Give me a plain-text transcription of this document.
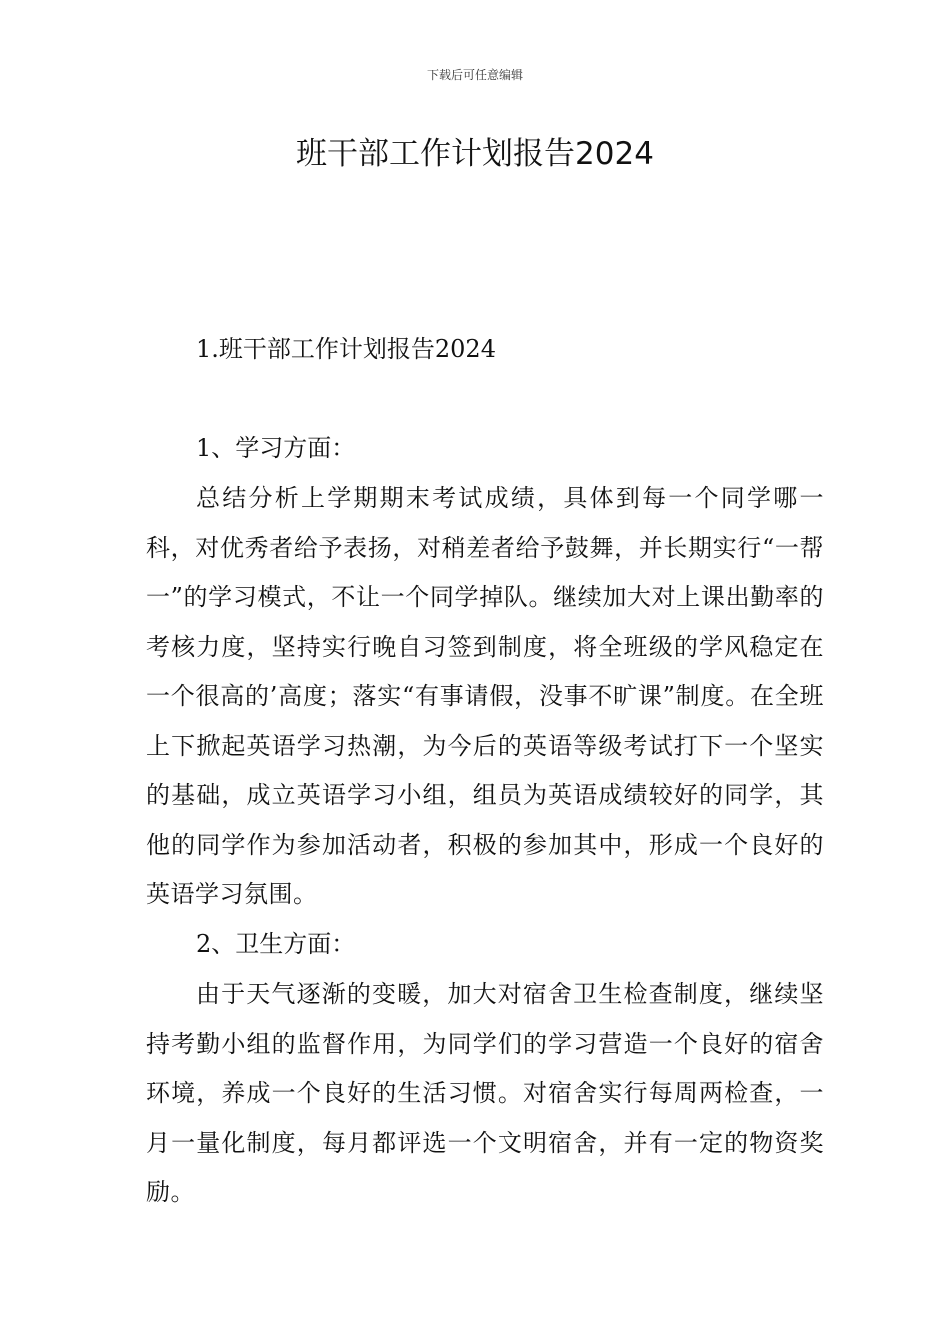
下载后可任意编辑
班干部工作计划报告2024
1.班干部工作计划报告2024
1、学习方面：

总结分析上学期期末考试成绩，具体到每一个同学哪一科，对优秀者给予表扬，对稍差者给予鼓舞，并长期实行“一帮一”的学习模式，不让一个同学掉队。继续加大对上课出勤率的考核力度，坚持实行晚自习签到制度，将全班级的学风稳定在一个很高的’高度；落实“有事请假，没事不旷课”制度。在全班上下掀起英语学习热潮，为今后的英语等级考试打下一个坚实的基础，成立英语学习小组，组员为英语成绩较好的同学，其他的同学作为参加活动者，积极的参加其中，形成一个良好的英语学习氛围。

2、卫生方面：

由于天气逐渐的变暖，加大对宿舍卫生检查制度，继续坚持考勤小组的监督作用，为同学们的学习营造一个良好的宿舍环境，养成一个良好的生活习惯。对宿舍实行每周两检查，一月一量化制度，每月都评选一个文明宿舍，并有一定的物资奖励。
